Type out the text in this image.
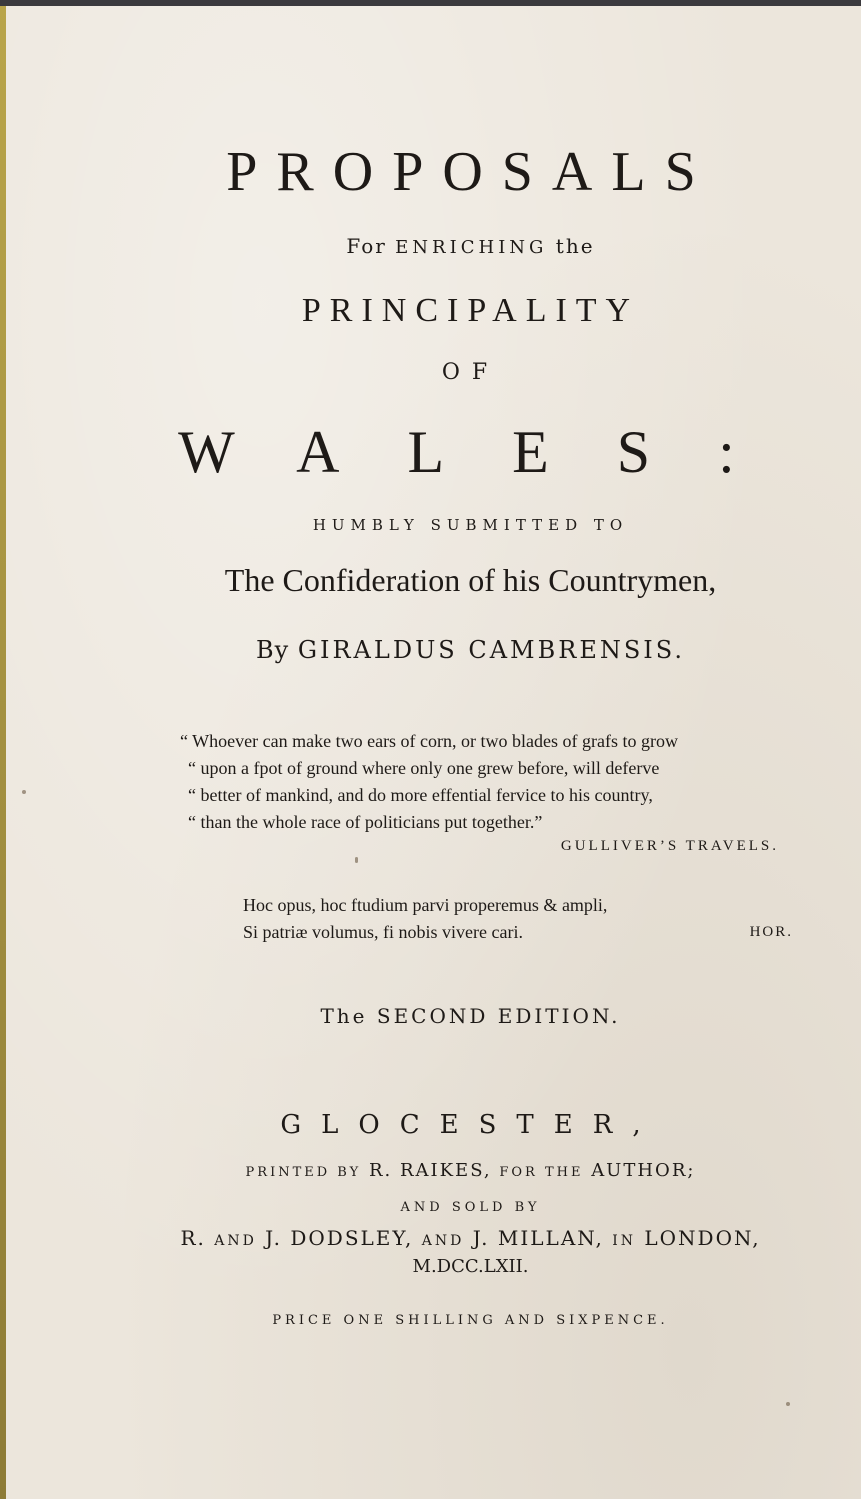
PROPOSALS
For ENRICHING the
PRINCIPALITY
OF
WALES:
HUMBLY SUBMITTED TO
The Confideration of his Countrymen,
By GIRALDUS CAMBRENSIS.
“ Whoever can make two ears of corn, or two blades of grafs to grow
“ upon a fpot of ground where only one grew before, will deferve
“ better of mankind, and do more effential fervice to his country,
“ than the whole race of politicians put together.”
GULLIVER’S TRAVELS.
Hoc opus, hoc ftudium parvi properemus & ampli,
Si patriæ volumus, fi nobis vivere cari.	HOR.
The SECOND EDITION.
GLOCESTER,
PRINTED BY R. RAIKES, FOR THE AUTHOR;
AND SOLD BY
R. AND J. DODSLEY, AND J. MILLAN, IN LONDON,
M.DCC.LXII.
PRICE ONE SHILLING AND SIXPENCE.
